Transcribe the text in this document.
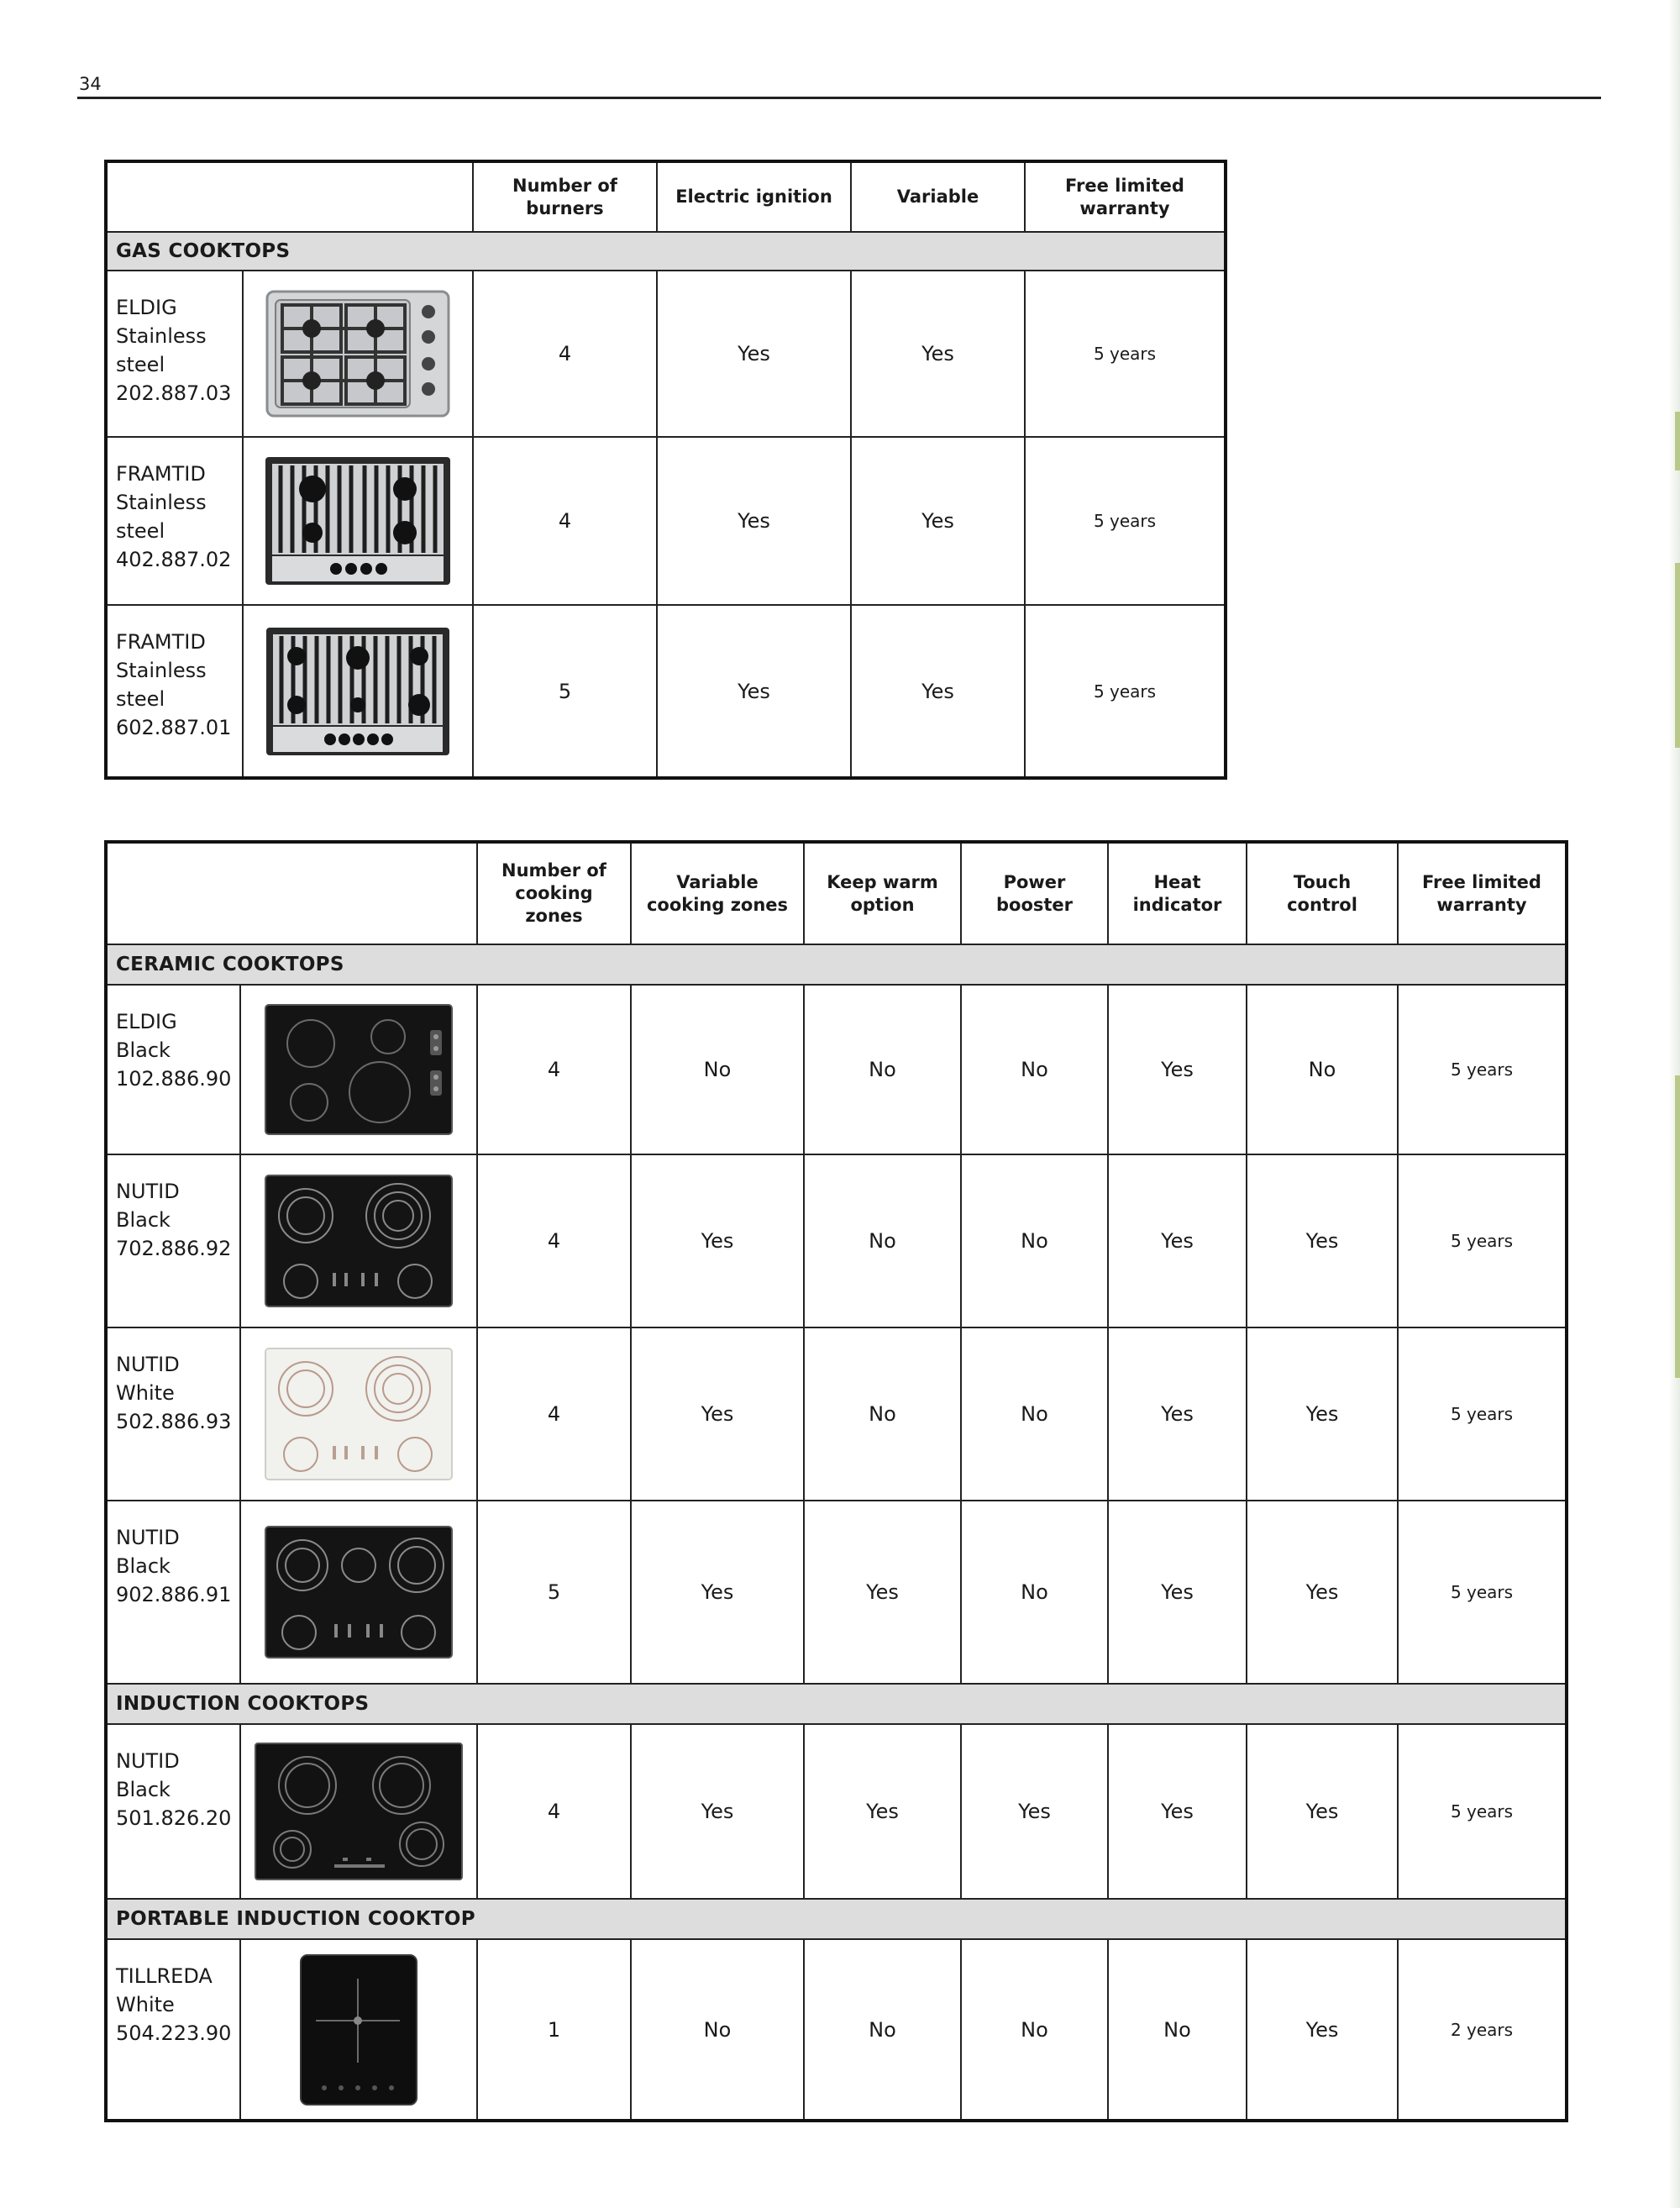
34
		Number of burners	Electric ignition	Variable	Free limited warranty
GAS COOKTOPS					

ELDIG
Stainless
steel
202.887.03		4	Yes	Yes	5 years

FRAMTID
Stainless
steel
402.887.02		4	Yes	Yes	5 years

FRAMTID
Stainless
steel
602.887.01		5	Yes	Yes	5 years
		Number of cooking zones	Variable cooking zones	Keep warm option	Power booster	Heat indicator	Touch control	Free limited warranty
CERAMIC COOKTOPS								

ELDIG
Black
102.886.90		4	No	No	No	Yes	No	5 years

NUTID
Black
702.886.92		4	Yes	No	No	Yes	Yes	5 years

NUTID
White
502.886.93		4	Yes	No	No	Yes	Yes	5 years

NUTID
Black
902.886.91		5	Yes	Yes	No	Yes	Yes	5 years
INDUCTION COOKTOPS								

NUTID
Black
501.826.20		4	Yes	Yes	Yes	Yes	Yes	5 years
PORTABLE INDUCTION COOKTOP								

TILLREDA
White
504.223.90		1	No	No	No	No	Yes	2 years
